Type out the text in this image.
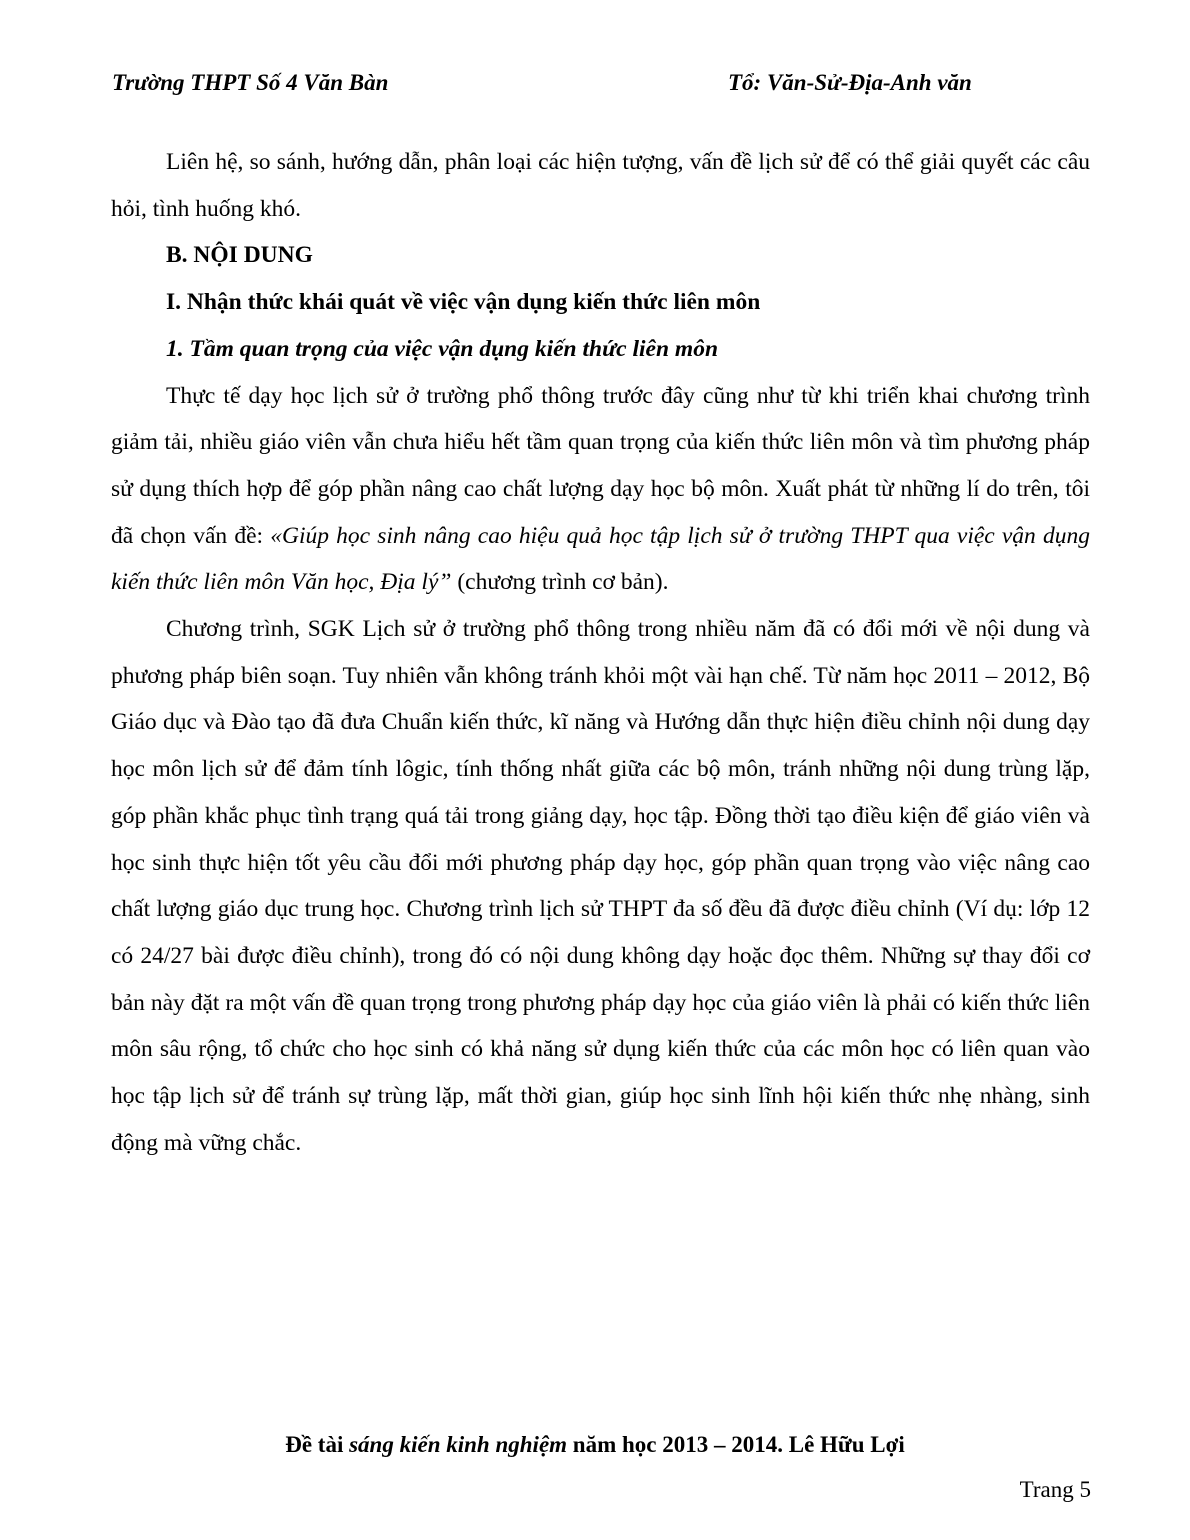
Trường THPT Số 4 Văn Bàn	Tổ: Văn-Sử-Địa-Anh văn

Liên hệ, so sánh, hướng dẫn, phân loại các hiện tượng, vấn đề lịch sử để có thể giải quyết các câu hỏi, tình huống khó.

B. NỘI DUNG

I. Nhận thức khái quát về việc vận dụng kiến thức liên môn

1. Tầm quan trọng của việc vận dụng kiến thức liên môn

Thực tế dạy học lịch sử ở trường phổ thông trước đây cũng như từ khi triển khai chương trình giảm tải, nhiều giáo viên vẫn chưa hiểu hết tầm quan trọng của kiến thức liên môn và tìm phương pháp sử dụng thích hợp để góp phần nâng cao chất lượng dạy học bộ môn. Xuất phát từ những lí do trên, tôi đã chọn vấn đề: «Giúp học sinh nâng cao hiệu quả học tập lịch sử ở trường THPT qua việc vận dụng kiến thức liên môn Văn học, Địa lý” (chương trình cơ bản).

Chương trình, SGK Lịch sử ở trường phổ thông trong nhiều năm đã có đổi mới về nội dung và phương pháp biên soạn. Tuy nhiên vẫn không tránh khỏi một vài hạn chế. Từ năm học 2011 – 2012, Bộ Giáo dục và Đào tạo đã đưa Chuẩn kiến thức, kĩ năng và Hướng dẫn thực hiện điều chỉnh nội dung dạy học môn lịch sử để đảm tính lôgic, tính thống nhất giữa các bộ môn, tránh những nội dung trùng lặp, góp phần khắc phục tình trạng quá tải trong giảng dạy, học tập. Đồng thời tạo điều kiện để giáo viên và học sinh thực hiện tốt yêu cầu đổi mới phương pháp dạy học, góp phần quan trọng vào việc nâng cao chất lượng giáo dục trung học. Chương trình lịch sử THPT đa số đều đã được điều chỉnh (Ví dụ: lớp 12 có 24/27 bài được điều chỉnh), trong đó có nội dung không dạy hoặc đọc thêm. Những sự thay đổi cơ bản này đặt ra một vấn đề quan trọng trong phương pháp dạy học của giáo viên là phải có kiến thức liên môn sâu rộng, tổ chức cho học sinh có khả năng sử dụng kiến thức của các môn học có liên quan vào học tập lịch sử để tránh sự trùng lặp, mất thời gian, giúp học sinh lĩnh hội kiến thức nhẹ nhàng, sinh động mà vững chắc.

Đề tài sáng kiến kinh nghiệm năm học 2013 – 2014. Lê Hữu Lợi
Trang 5
